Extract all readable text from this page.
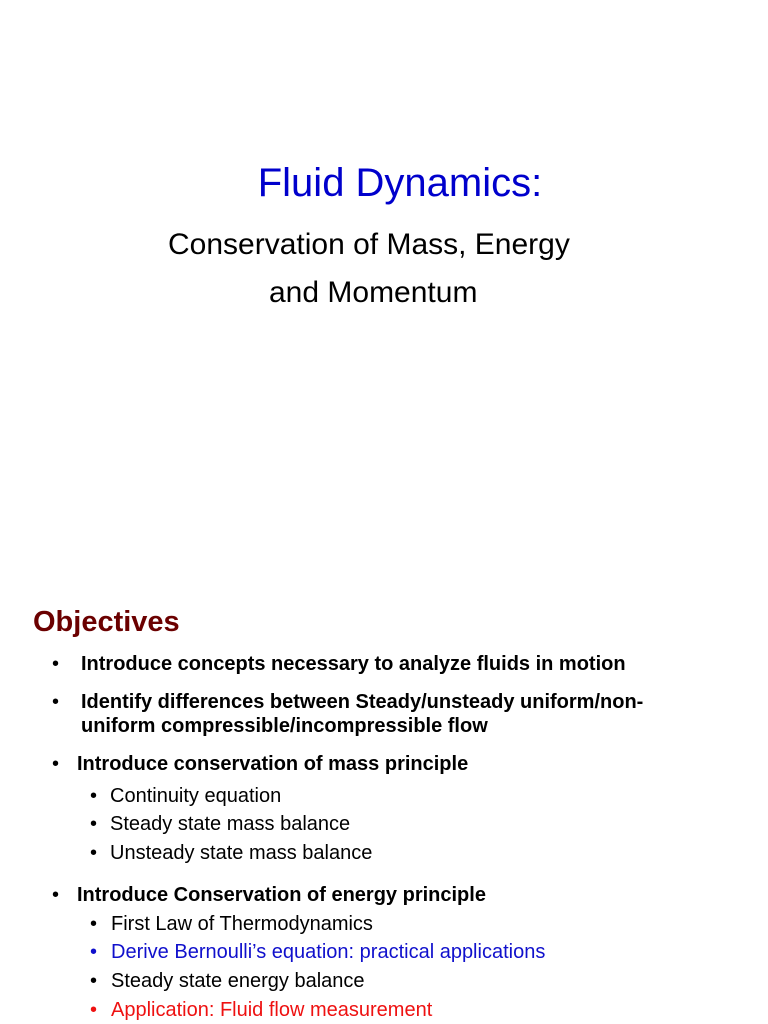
Fluid Dynamics:
Conservation of Mass, Energy
and Momentum
Objectives
• Introduce concepts necessary to analyze fluids in motion
• Identify differences between Steady/unsteady uniform/non-
uniform compressible/incompressible flow
• Introduce conservation of mass principle
• Continuity equation
• Steady state mass balance
• Unsteady state mass balance
• Introduce Conservation of energy principle
• First Law of Thermodynamics
• Derive Bernoulli’s equation: practical applications
• Steady state energy balance
• Application: Fluid flow measurement
